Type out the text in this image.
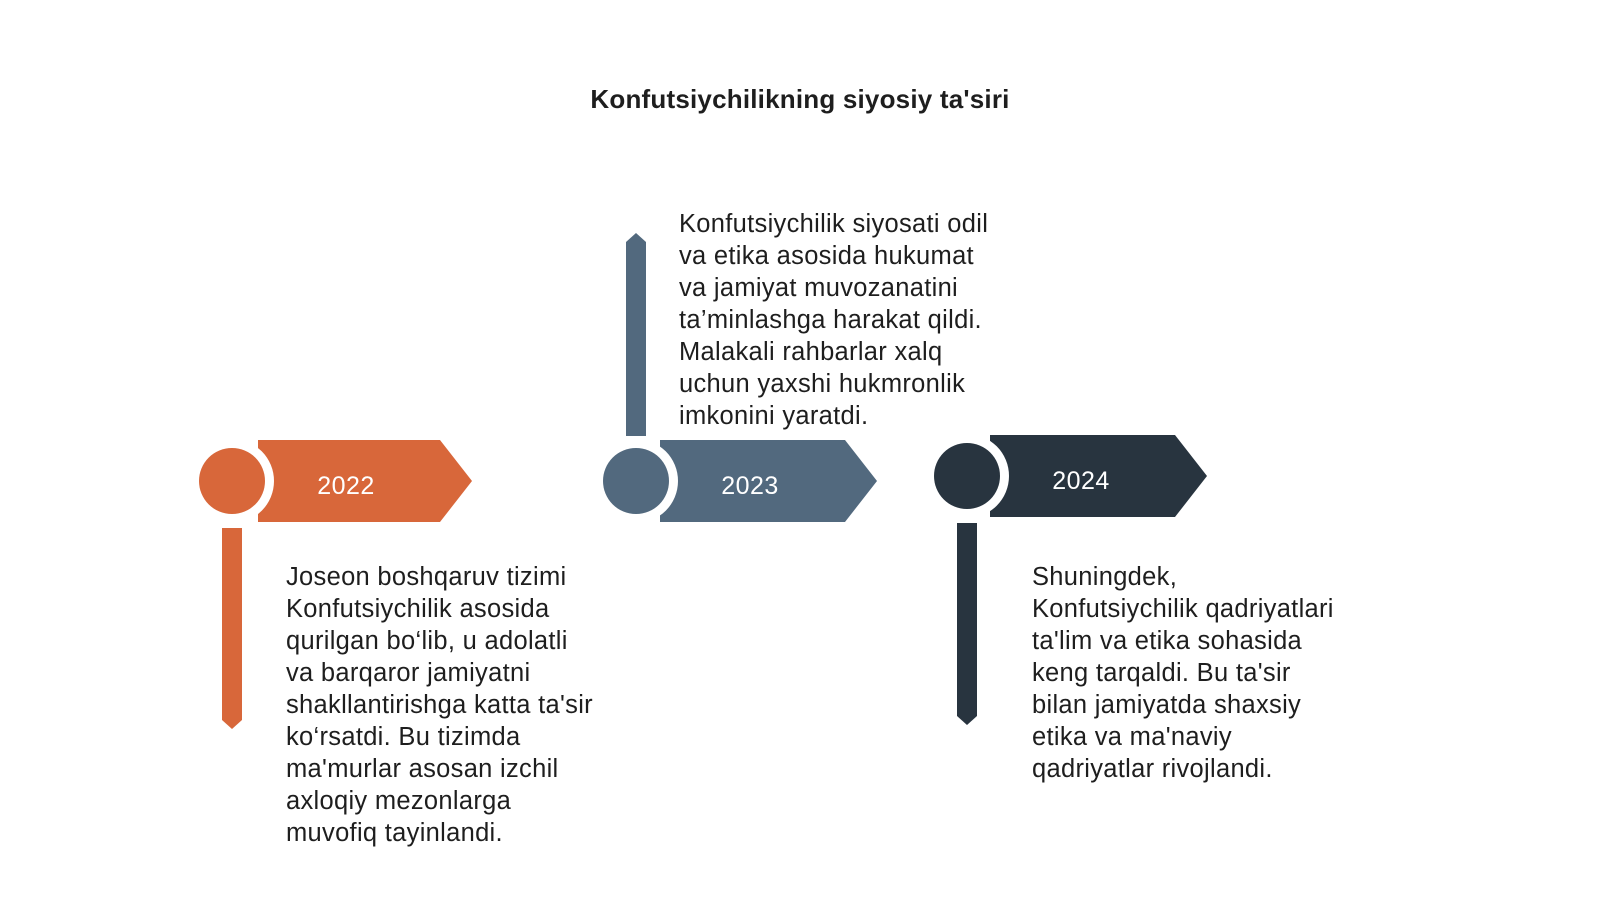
Konfutsiychilikning siyosiy ta'siri
2022	2023	2024
Joseon boshqaruv tizimi
Konfutsiychilik asosida
qurilgan bo‘lib, u adolatli
va barqaror jamiyatni
shakllantirishga katta ta'sir
ko‘rsatdi. Bu tizimda
ma'murlar asosan izchil
axloqiy mezonlarga
muvofiq tayinlandi.
Konfutsiychilik siyosati odil
va etika asosida hukumat
va jamiyat muvozanatini
ta’minlashga harakat qildi.
Malakali rahbarlar xalq
uchun yaxshi hukmronlik
imkonini yaratdi.
Shuningdek,
Konfutsiychilik qadriyatlari
ta'lim va etika sohasida
keng tarqaldi. Bu ta'sir
bilan jamiyatda shaxsiy
etika va ma'naviy
qadriyatlar rivojlandi.
